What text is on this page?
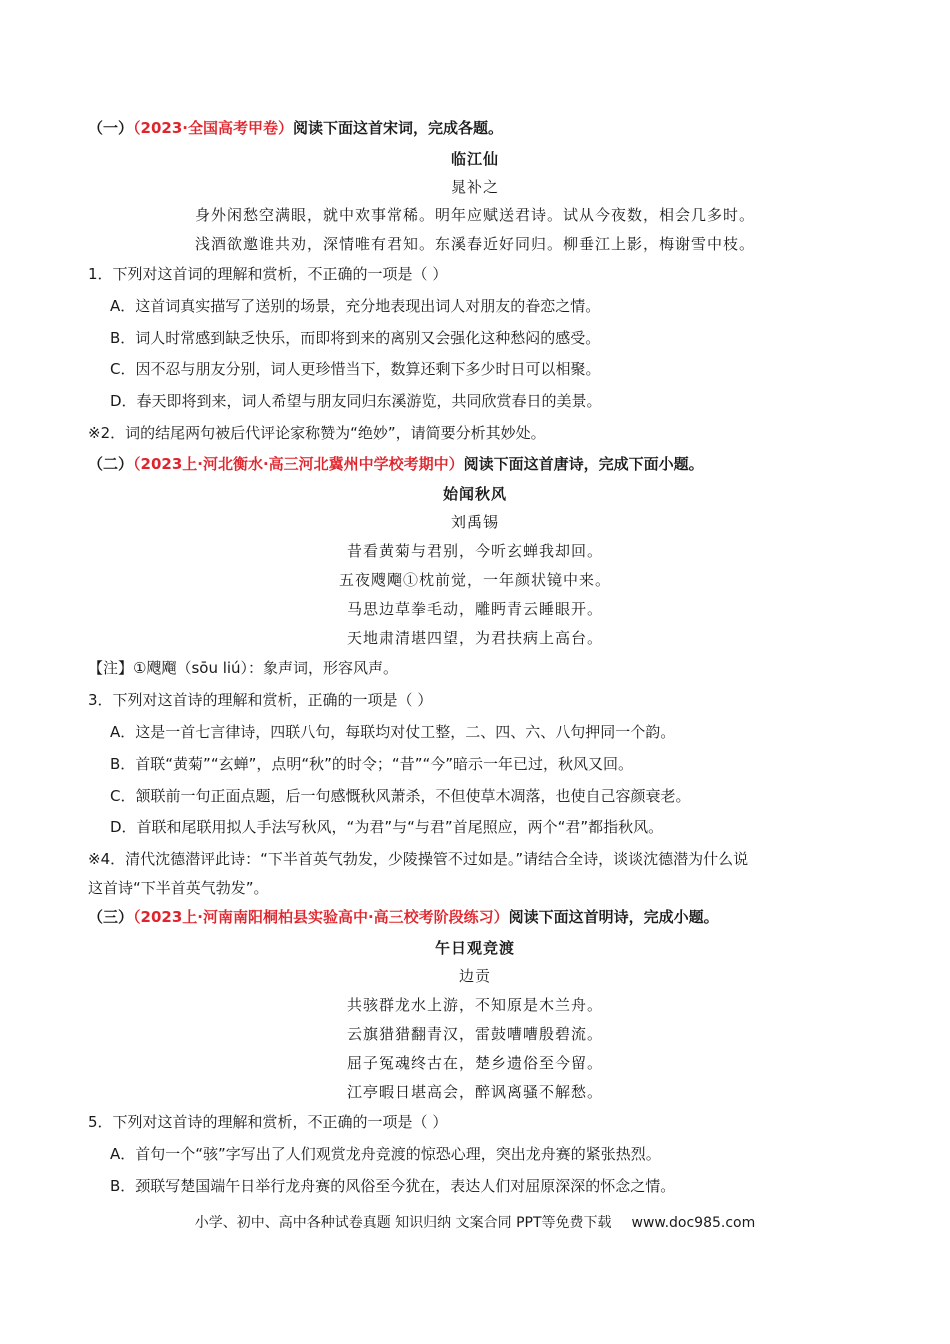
（一）（2023·全国高考甲卷）阅读下面这首宋词，完成各题。
临江仙
晁补之
身外闲愁空满眼，就中欢事常稀。明年应赋送君诗。试从今夜数，相会几多时。
浅酒欲邀谁共劝，深情唯有君知。东溪春近好同归。柳垂江上影，梅谢雪中枝。
1．下列对这首词的理解和赏析，不正确的一项是（ ）
A．这首词真实描写了送别的场景，充分地表现出词人对朋友的眷恋之情。
B．词人时常感到缺乏快乐，而即将到来的离别又会强化这种愁闷的感受。
C．因不忍与朋友分别，词人更珍惜当下，数算还剩下多少时日可以相聚。
D．春天即将到来，词人希望与朋友同归东溪游览，共同欣赏春日的美景。
※2．词的结尾两句被后代评论家称赞为“绝妙”，请简要分析其妙处。
（二）（2023上·河北衡水·高三河北冀州中学校考期中）阅读下面这首唐诗，完成下面小题。
始闻秋风
刘禹锡
昔看黄菊与君别，今听玄蝉我却回。
五夜飕飗①枕前觉，一年颜状镜中来。
马思边草拳毛动，雕眄青云睡眼开。
天地肃清堪四望，为君扶病上高台。
【注】①飕飗（sōu liú）：象声词，形容风声。
3．下列对这首诗的理解和赏析，正确的一项是（ ）
A．这是一首七言律诗，四联八句，每联均对仗工整，二、四、六、八句押同一个韵。
B．首联“黄菊”“玄蝉”，点明“秋”的时令；“昔”“今”暗示一年已过，秋风又回。
C．颔联前一句正面点题，后一句感慨秋风萧杀，不但使草木凋落，也使自己容颜衰老。
D．首联和尾联用拟人手法写秋风，“为君”与“与君”首尾照应，两个“君”都指秋风。
※4．清代沈德潜评此诗：“下半首英气勃发，少陵操管不过如是。”请结合全诗，谈谈沈德潜为什么说
这首诗“下半首英气勃发”。
（三）（2023上·河南南阳桐柏县实验高中·高三校考阶段练习）阅读下面这首明诗，完成小题。
午日观竞渡
边贡
共骇群龙水上游，不知原是木兰舟。
云旗猎猎翻青汉，雷鼓嘈嘈殷碧流。
屈子冤魂终古在，楚乡遗俗至今留。
江亭暇日堪高会，醉讽离骚不解愁。
5．下列对这首诗的理解和赏析，不正确的一项是（ ）
A．首句一个“骇”字写出了人们观赏龙舟竞渡的惊恐心理，突出龙舟赛的紧张热烈。
B．颈联写楚国端午日举行龙舟赛的风俗至今犹在，表达人们对屈原深深的怀念之情。
小学、初中、高中各种试卷真题 知识归纳 文案合同 PPT等免费下载 www.doc985.com
